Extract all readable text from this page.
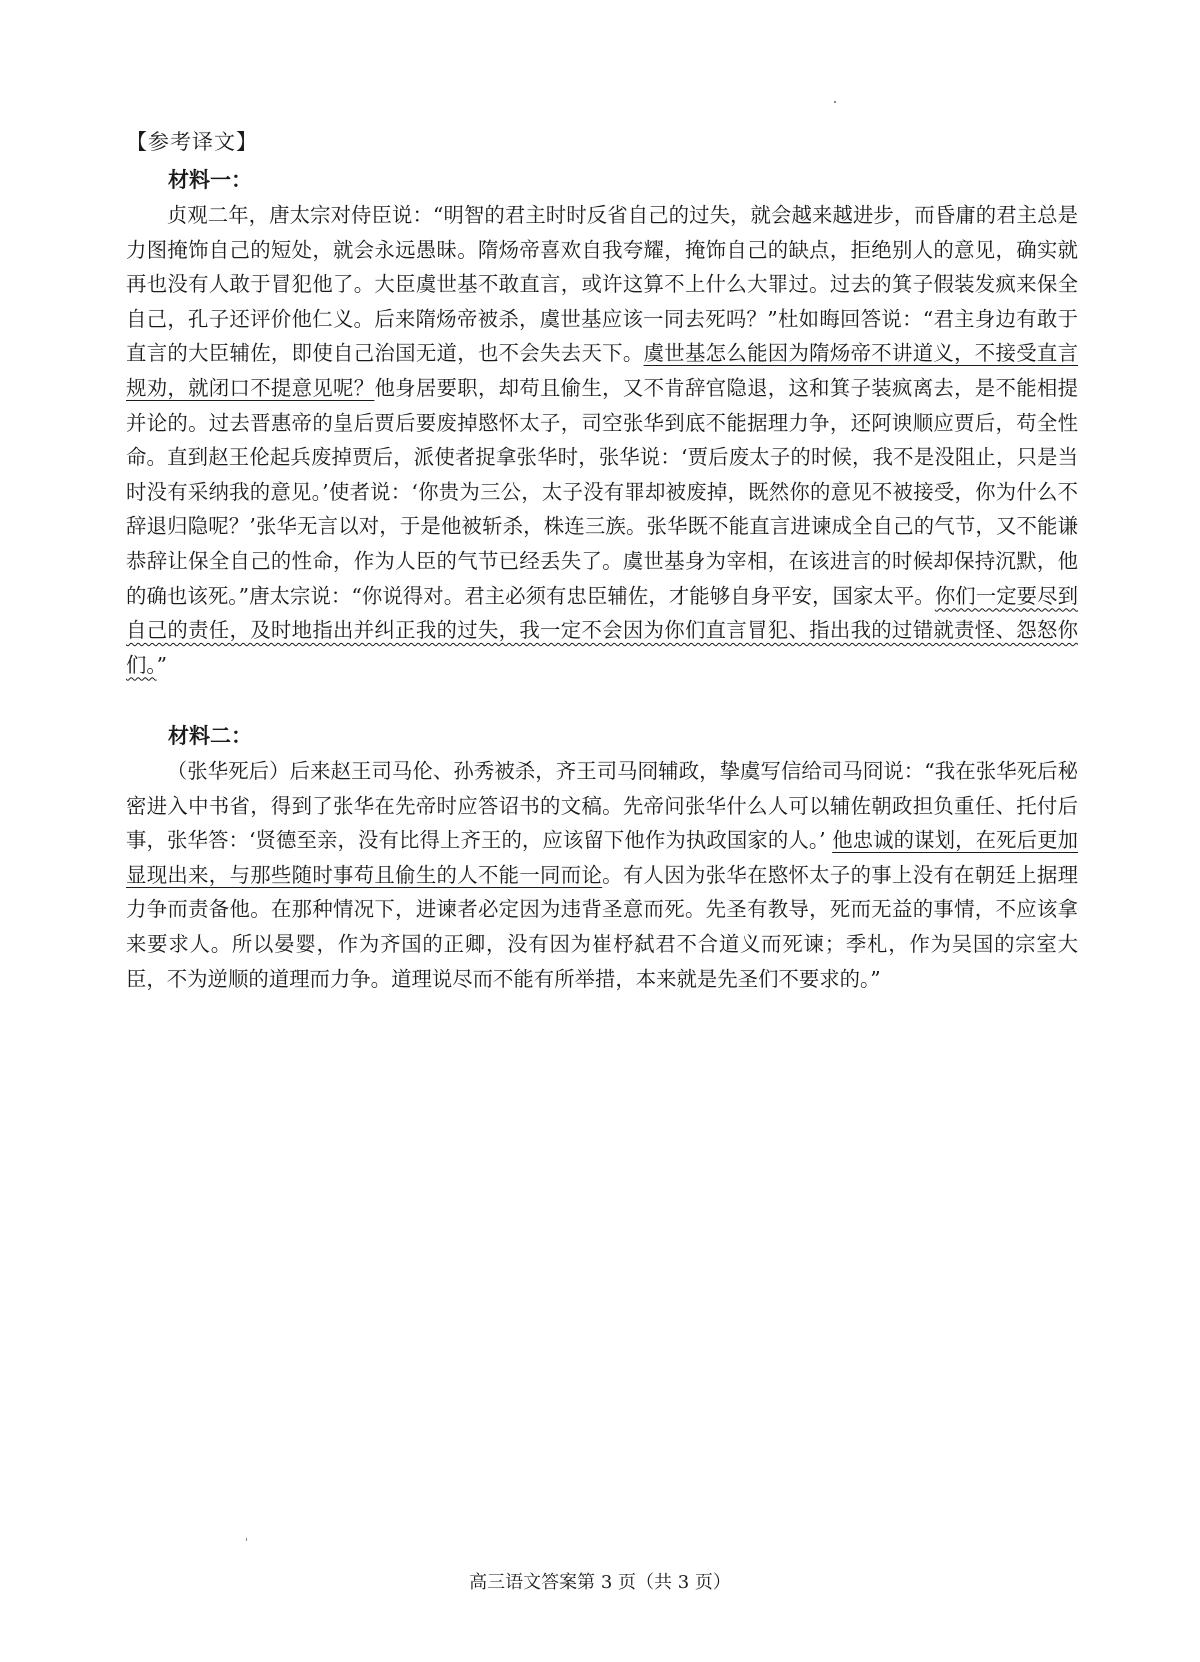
【参考译文】
材料一：

贞观二年，唐太宗对侍臣说：“明智的君主时时反省自己的过失，就会越来越进步，而昏庸的君主总是力图掩饰自己的短处，就会永远愚昧。隋炀帝喜欢自我夸耀，掩饰自己的缺点，拒绝别人的意见，确实就再也没有人敢于冒犯他了。大臣虞世基不敢直言，或许这算不上什么大罪过。过去的箕子假装发疯来保全自己，孔子还评价他仁义。后来隋炀帝被杀，虞世基应该一同去死吗？”杜如晦回答说：“君主身边有敢于直言的大臣辅佐，即使自己治国无道，也不会失去天下。虞世基怎么能因为隋炀帝不讲道义，不接受直言规劝，就闭口不提意见呢？他身居要职，却苟且偷生，又不肯辞官隐退，这和箕子装疯离去，是不能相提并论的。过去晋惠帝的皇后贾后要废掉愍怀太子，司空张华到底不能据理力争，还阿谀顺应贾后，苟全性命。直到赵王伦起兵废掉贾后，派使者捉拿张华时，张华说：‘贾后废太子的时候，我不是没阻止，只是当时没有采纳我的意见。’使者说：‘你贵为三公，太子没有罪却被废掉，既然你的意见不被接受，你为什么不辞退归隐呢？’张华无言以对，于是他被斩杀，株连三族。张华既不能直言进谏成全自己的气节，又不能谦恭辞让保全自己的性命，作为人臣的气节已经丢失了。虞世基身为宰相，在该进言的时候却保持沉默，他的确也该死。”唐太宗说：“你说得对。君主必须有忠臣辅佐，才能够自身平安，国家太平。你们一定要尽到自己的责任，及时地指出并纠正我的过失，我一定不会因为你们直言冒犯、指出我的过错就责怪、怨怒你们。”

材料二：

（张华死后）后来赵王司马伦、孙秀被杀，齐王司马冏辅政，挚虞写信给司马冏说：“我在张华死后秘密进入中书省，得到了张华在先帝时应答诏书的文稿。先帝问张华什么人可以辅佐朝政担负重任、托付后事，张华答：‘贤德至亲，没有比得上齐王的，应该留下他作为执政国家的人。’ 他忠诚的谋划，在死后更加显现出来，与那些随时事苟且偷生的人不能一同而论。有人因为张华在愍怀太子的事上没有在朝廷上据理力争而责备他。在那种情况下，进谏者必定因为违背圣意而死。先圣有教导，死而无益的事情，不应该拿来要求人。所以晏婴，作为齐国的正卿，没有因为崔杼弑君不合道义而死谏；季札，作为吴国的宗室大臣，不为逆顺的道理而力争。道理说尽而不能有所举措，本来就是先圣们不要求的。”

高三语文答案第 3 页（共 3 页）
